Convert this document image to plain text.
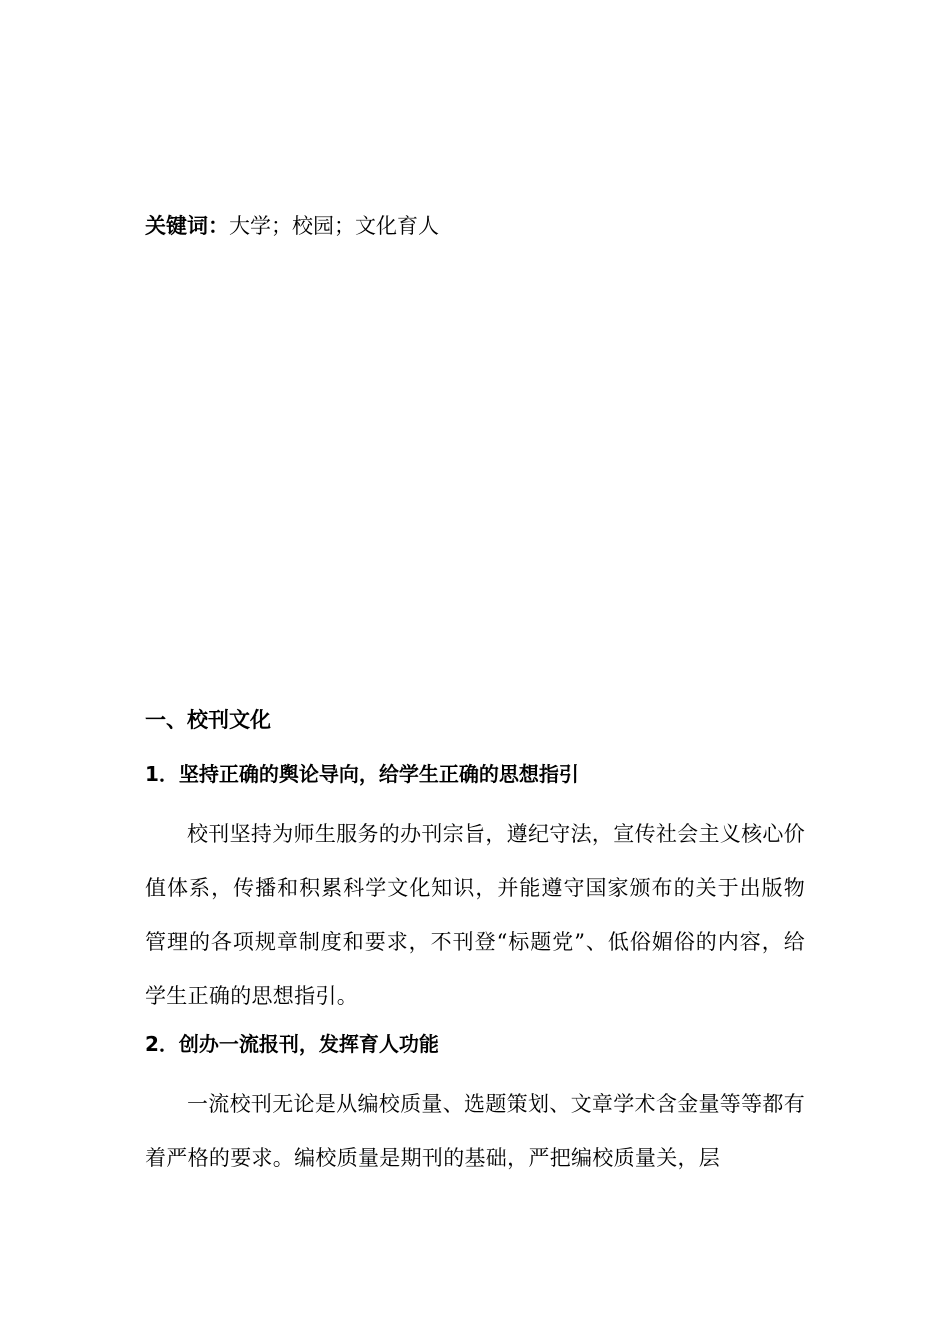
关键词：大学；校园；文化育人
一、校刊文化
1．坚持正确的舆论导向，给学生正确的思想指引

校刊坚持为师生服务的办刊宗旨，遵纪守法，宣传社会主义核心价值体系，传播和积累科学文化知识，并能遵守国家颁布的关于出版物管理的各项规章制度和要求，不刊登“标题党”、低俗媚俗的内容，给学生正确的思想指引。

2．创办一流报刊，发挥育人功能

一流校刊无论是从编校质量、选题策划、文章学术含金量等等都有着严格的要求。编校质量是期刊的基础，严把编校质量关，层
